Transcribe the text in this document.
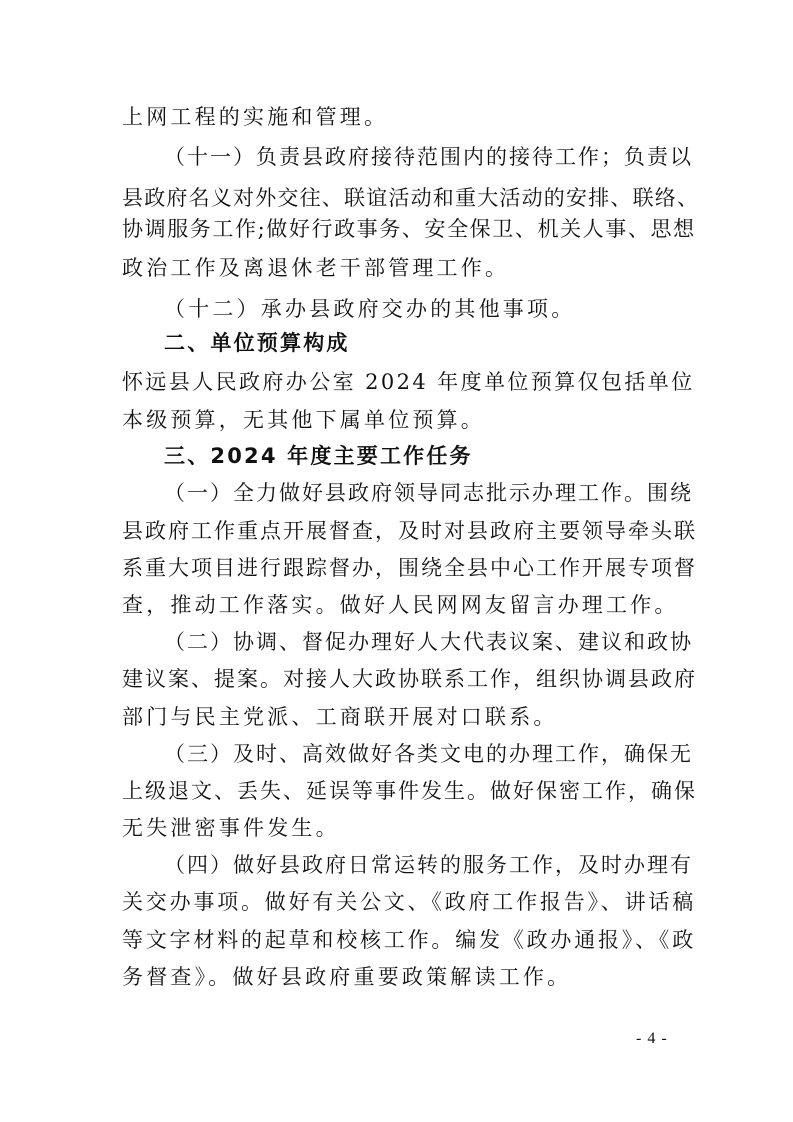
上网工程的实施和管理。
（十一）负责县政府接待范围内的接待工作；负责以
县政府名义对外交往、联谊活动和重大活动的安排、联络、
协调服务工作;做好行政事务、安全保卫、机关人事、思想
政治工作及离退休老干部管理工作。
（十二）承办县政府交办的其他事项。
二、单位预算构成
怀远县人民政府办公室 2024 年度单位预算仅包括单位
本级预算，无其他下属单位预算。
三、2024 年度主要工作任务
（一）全力做好县政府领导同志批示办理工作。围绕
县政府工作重点开展督查，及时对县政府主要领导牵头联
系重大项目进行跟踪督办，围绕全县中心工作开展专项督
查，推动工作落实。做好人民网网友留言办理工作。
（二）协调、督促办理好人大代表议案、建议和政协
建议案、提案。对接人大政协联系工作，组织协调县政府
部门与民主党派、工商联开展对口联系。
（三）及时、高效做好各类文电的办理工作，确保无
上级退文、丢失、延误等事件发生。做好保密工作，确保
无失泄密事件发生。
（四）做好县政府日常运转的服务工作，及时办理有
关交办事项。做好有关公文、《政府工作报告》、讲话稿
等文字材料的起草和校核工作。编发《政办通报》、《政
务督查》。做好县政府重要政策解读工作。
- 4 -
